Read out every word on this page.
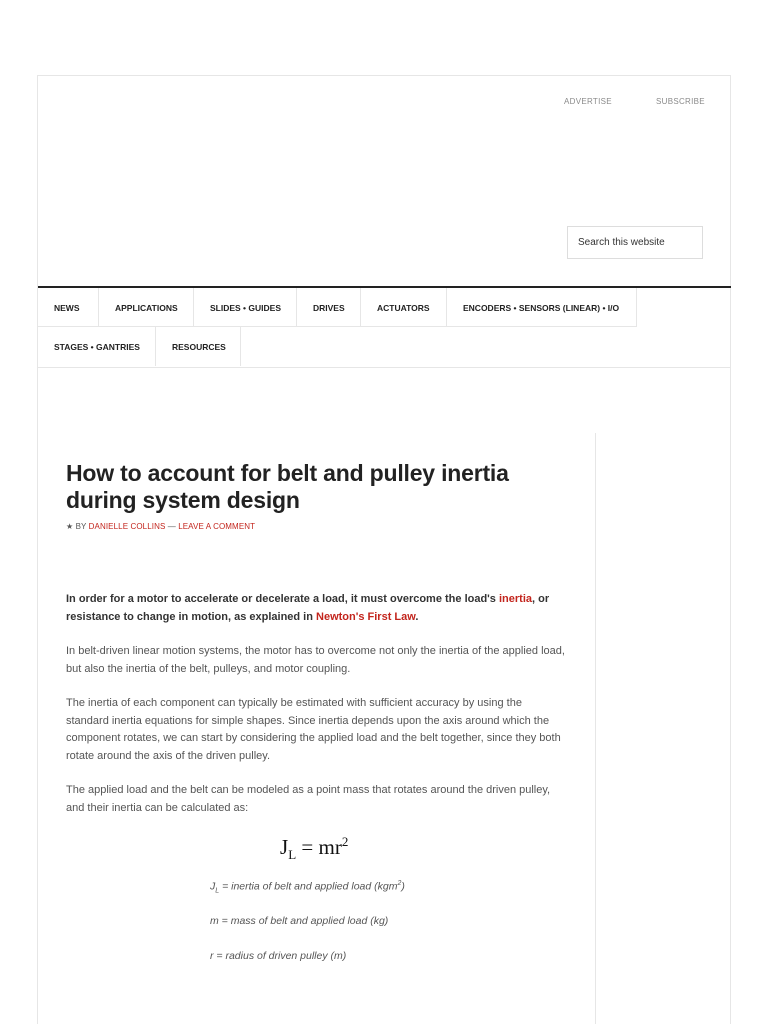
ADVERTISE	SUBSCRIBE
Search this website
NEWS	APPLICATIONS	SLIDES • GUIDES	DRIVES	ACTUATORS	ENCODERS • SENSORS (LINEAR) • I/O
STAGES • GANTRIES	RESOURCES
How to account for belt and pulley inertia during system design
★ BY DANIELLE COLLINS — LEAVE A COMMENT
In order for a motor to accelerate or decelerate a load, it must overcome the load's inertia, or resistance to change in motion, as explained in Newton's First Law.

In belt-driven linear motion systems, the motor has to overcome not only the inertia of the applied load, but also the inertia of the belt, pulleys, and motor coupling.

The inertia of each component can typically be estimated with sufficient accuracy by using the standard inertia equations for simple shapes. Since inertia depends upon the axis around which the component rotates, we can start by considering the applied load and the belt together, since they both rotate around the axis of the driven pulley.

The applied load and the belt can be modeled as a point mass that rotates around the driven pulley, and their inertia can be calculated as:

$J_L = mr^2$
$J_L$ = inertia of belt and applied load (kgm$^2$)
m = mass of belt and applied load (kg)
r = radius of driven pulley (m)
